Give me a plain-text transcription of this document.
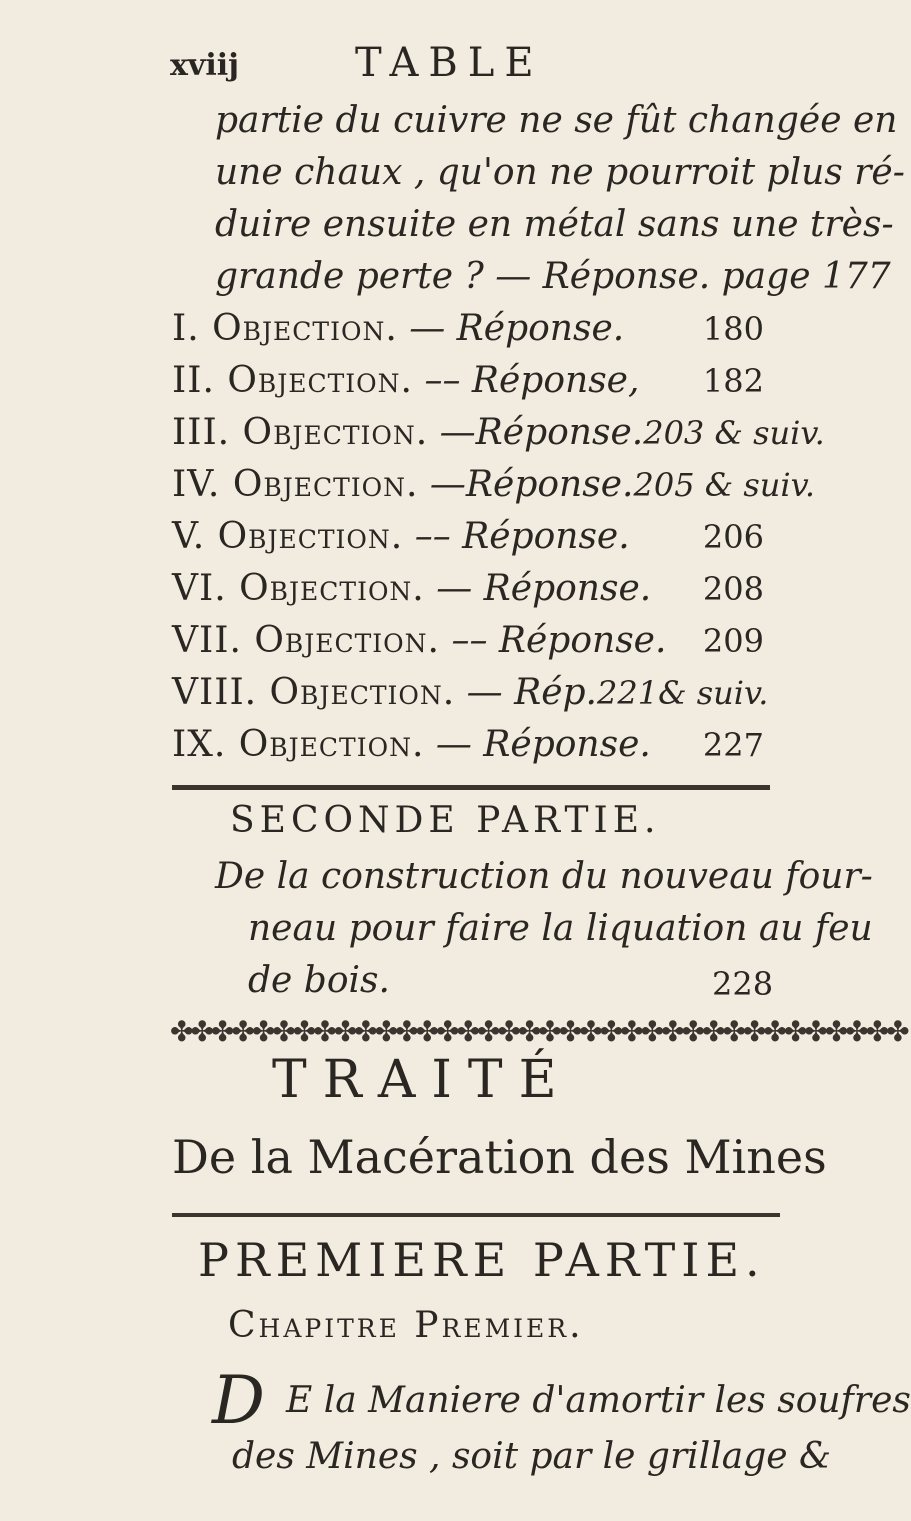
xviij	TABLE
partie du cuivre ne se fût changée en
une chaux , qu'on ne pourroit plus ré-
duire ensuite en métal sans une très-
grande perte ? — Réponse. page 177
I. Objection. — Réponse. 180
II. Objection. –– Réponse, 182
III. Objection. —Réponse. 203 & suiv.
IV. Objection. —Réponse. 205 & suiv.
V. Objection. –– Réponse. 206
VI. Objection. — Réponse. 208
VII. Objection. –– Réponse. 209
VIII. Objection. — Rép. 221& suiv.
IX. Objection. — Réponse. 227
SECONDE PARTIE.
De la construction du nouveau four-
neau pour faire la liquation au feu
de bois.	228
✤✤✤✤✤✤✤✤✤✤✤✤✤✤✤✤✤✤✤✤✤✤✤✤✤✤✤✤✤✤✤✤✤✤✤✤
TRAITÉ
De la Macération des Mines
PREMIERE PARTIE.
Chapitre Premier.
D E la Maniere d'amortir les soufres
des Mines , soit par le grillage &
